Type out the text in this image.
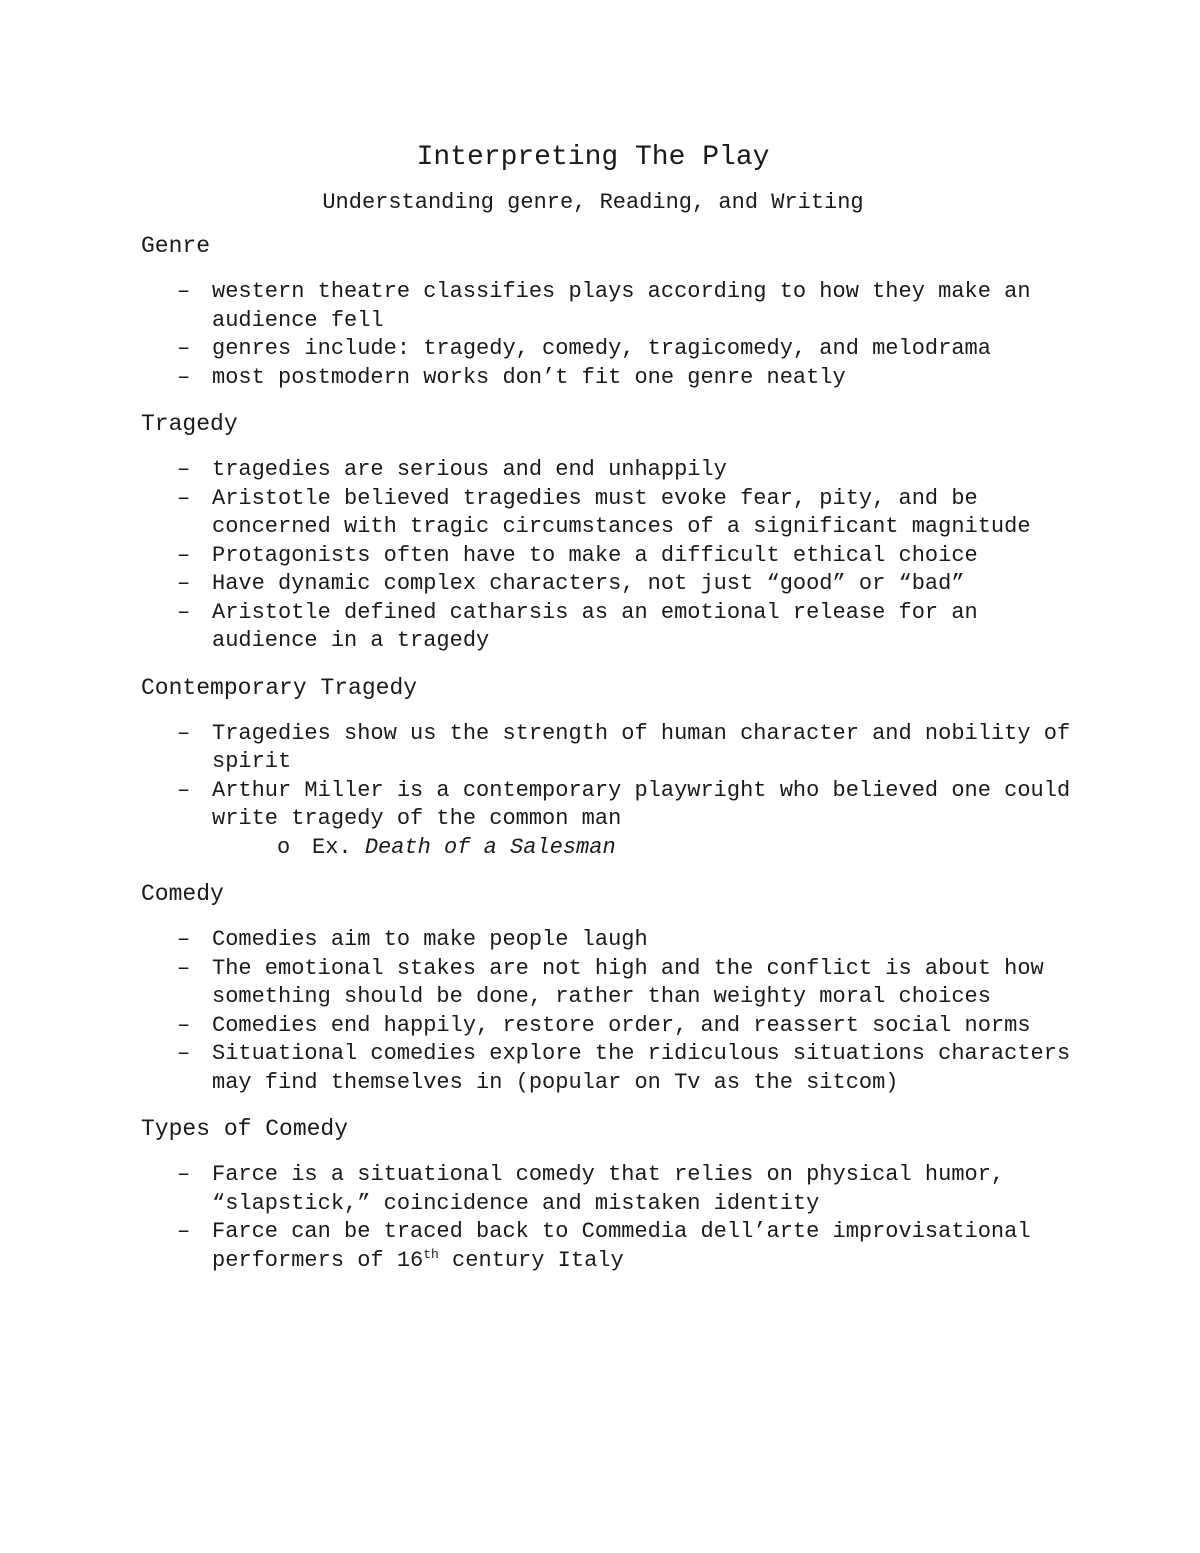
Interpreting The Play
Understanding genre, Reading, and Writing
Genre
– western theatre classifies plays according to how they make an audience fell
– genres include: tragedy, comedy, tragicomedy, and melodrama
– most postmodern works don’t fit one genre neatly
Tragedy
– tragedies are serious and end unhappily
– Aristotle believed tragedies must evoke fear, pity, and be concerned with tragic circumstances of a significant magnitude
– Protagonists often have to make a difficult ethical choice
– Have dynamic complex characters, not just “good” or “bad”
– Aristotle defined catharsis as an emotional release for an audience in a tragedy
Contemporary Tragedy
– Tragedies show us the strength of human character and nobility of spirit
– Arthur Miller is a contemporary playwright who believed one could write tragedy of the common man
o Ex. Death of a Salesman
Comedy
– Comedies aim to make people laugh
– The emotional stakes are not high and the conflict is about how something should be done, rather than weighty moral choices
– Comedies end happily, restore order, and reassert social norms
– Situational comedies explore the ridiculous situations characters may find themselves in (popular on Tv as the sitcom)
Types of Comedy
– Farce is a situational comedy that relies on physical humor, “slapstick,” coincidence and mistaken identity
– Farce can be traced back to Commedia dell’arte improvisational performers of 16th century Italy
